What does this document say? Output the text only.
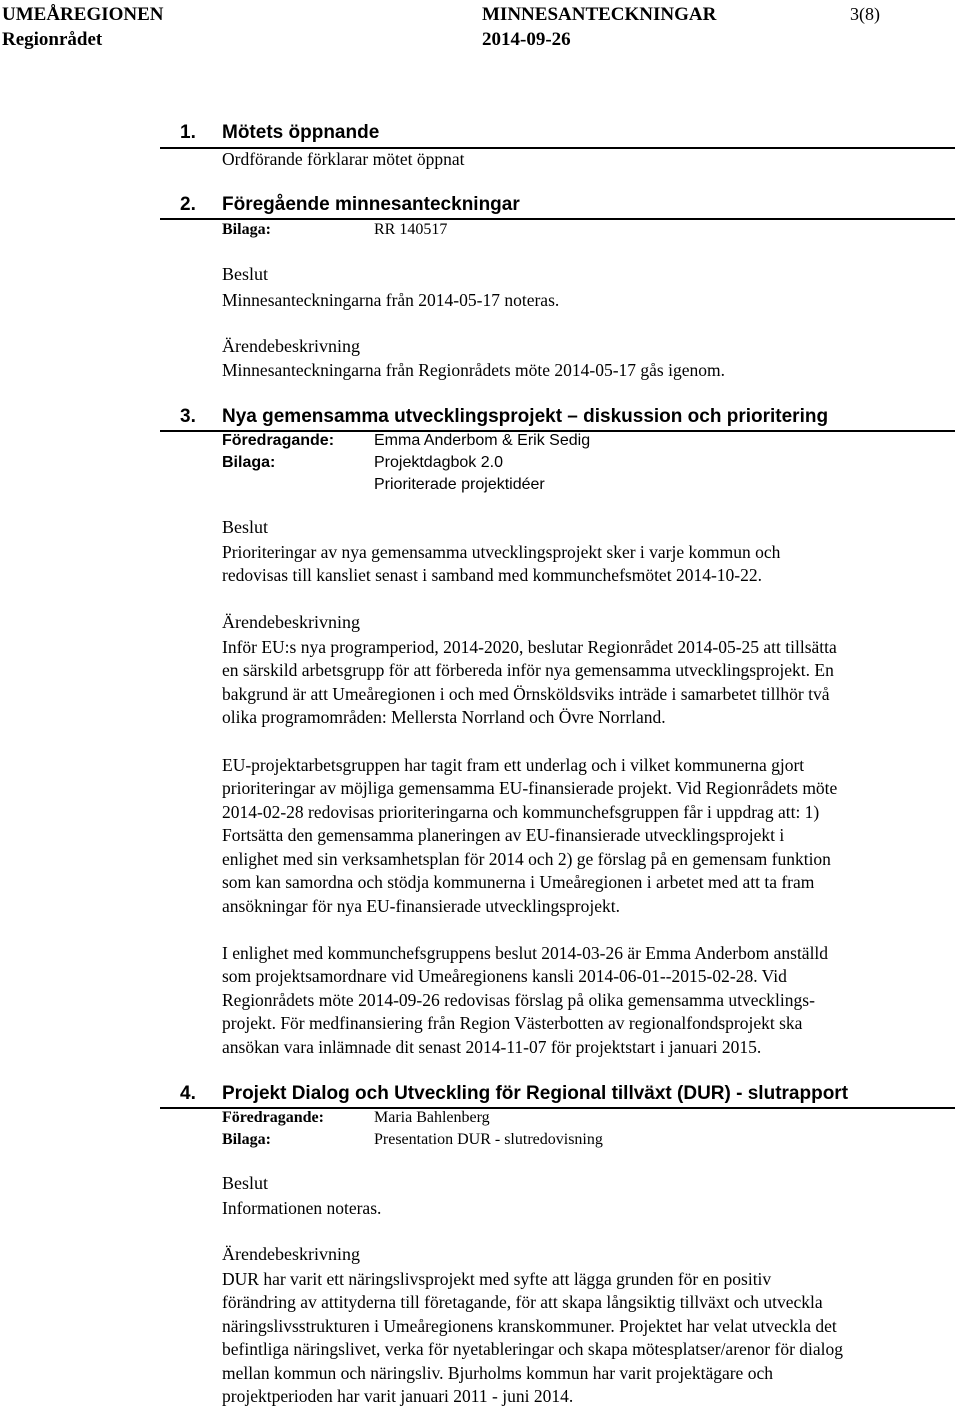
UMEÅREGIONEN
Regionrådet
MINNESANTECKNINGAR
2014-09-26
3(8)
1. Mötets öppnande
Ordförande förklarar mötet öppnat
2. Föregående minnesanteckningar
Bilaga:	RR 140517
Beslut
Minnesanteckningarna från 2014-05-17 noteras.
Ärendebeskrivning
Minnesanteckningarna från Regionrådets möte 2014-05-17 gås igenom.
3. Nya gemensamma utvecklingsprojekt – diskussion och prioritering
Föredragande: Emma Anderbom & Erik Sedig
Bilaga:	Projektdagbok 2.0
Prioriterade projektidéer
Beslut
Prioriteringar av nya gemensamma utvecklingsprojekt sker i varje kommun och
redovisas till kansliet senast i samband med kommunchefsmötet 2014-10-22.
Ärendebeskrivning
Inför EU:s nya programperiod, 2014-2020, beslutar Regionrådet 2014-05-25 att tillsätta
en särskild arbetsgrupp för att förbereda inför nya gemensamma utvecklingsprojekt. En
bakgrund är att Umeåregionen i och med Örnsköldsviks inträde i samarbetet tillhör två
olika programområden: Mellersta Norrland och Övre Norrland.
EU-projektarbetsgruppen har tagit fram ett underlag och i vilket kommunerna gjort
prioriteringar av möjliga gemensamma EU-finansierade projekt. Vid Regionrådets möte
2014-02-28 redovisas prioriteringarna och kommunchefsgruppen får i uppdrag att: 1)
Fortsätta den gemensamma planeringen av EU-finansierade utvecklingsprojekt i
enlighet med sin verksamhetsplan för 2014 och 2) ge förslag på en gemensam funktion
som kan samordna och stödja kommunerna i Umeåregionen i arbetet med att ta fram
ansökningar för nya EU-finansierade utvecklingsprojekt.
I enlighet med kommunchefsgruppens beslut 2014-03-26 är Emma Anderbom anställd
som projektsamordnare vid Umeåregionens kansli 2014-06-01--2015-02-28. Vid
Regionrådets möte 2014-09-26 redovisas förslag på olika gemensamma utvecklings-
projekt. För medfinansiering från Region Västerbotten av regionalfondsprojekt ska
ansökan vara inlämnade dit senast 2014-11-07 för projektstart i januari 2015.
4. Projekt Dialog och Utveckling för Regional tillväxt (DUR) - slutrapport
Föredragande:	Maria Bahlenberg
Bilaga:	Presentation DUR - slutredovisning
Beslut
Informationen noteras.
Ärendebeskrivning
DUR har varit ett näringslivsprojekt med syfte att lägga grunden för en positiv
förändring av attityderna till företagande, för att skapa långsiktig tillväxt och utveckla
näringslivsstrukturen i Umeåregionens kranskommuner. Projektet har velat utveckla det
befintliga näringslivet, verka för nyetableringar och skapa mötesplatser/arenor för dialog
mellan kommun och näringsliv. Bjurholms kommun har varit projektägare och
projektperioden har varit januari 2011 - juni 2014.
